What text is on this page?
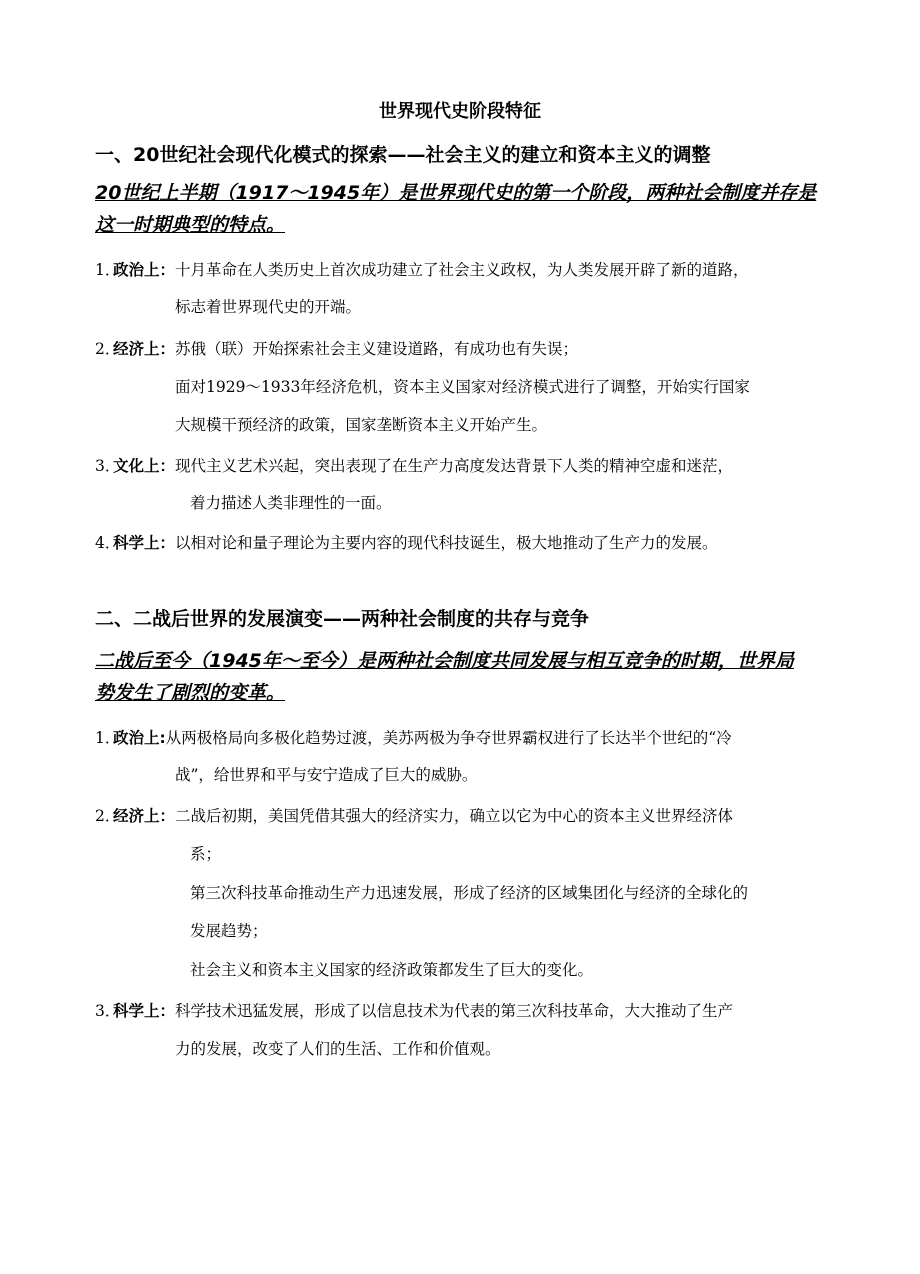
世界现代史阶段特征
一、20世纪社会现代化模式的探索——社会主义的建立和资本主义的调整
20世纪上半期（1917～1945年）是世界现代史的第一个阶段，两种社会制度并存是
这一时期典型的特点。
1．政治上：十月革命在人类历史上首次成功建立了社会主义政权，为人类发展开辟了新的道路，
标志着世界现代史的开端。
2．经济上：苏俄（联）开始探索社会主义建设道路，有成功也有失误；
面对1929～1933年经济危机，资本主义国家对经济模式进行了调整，开始实行国家
大规模干预经济的政策，国家垄断资本主义开始产生。
3．文化上：现代主义艺术兴起，突出表现了在生产力高度发达背景下人类的精神空虚和迷茫，
着力描述人类非理性的一面。
4．科学上：以相对论和量子理论为主要内容的现代科技诞生，极大地推动了生产力的发展。
二、二战后世界的发展演变——两种社会制度的共存与竞争
二战后至今（1945年～至今）是两种社会制度共同发展与相互竞争的时期，世界局
势发生了剧烈的变革。
1．政治上:从两极格局向多极化趋势过渡，美苏两极为争夺世界霸权进行了长达半个世纪的“冷
战”，给世界和平与安宁造成了巨大的威胁。
2．经济上：二战后初期，美国凭借其强大的经济实力，确立以它为中心的资本主义世界经济体
系；
第三次科技革命推动生产力迅速发展，形成了经济的区域集团化与经济的全球化的
发展趋势；
社会主义和资本主义国家的经济政策都发生了巨大的变化。
3．科学上：科学技术迅猛发展，形成了以信息技术为代表的第三次科技革命，大大推动了生产
力的发展，改变了人们的生活、工作和价值观。
